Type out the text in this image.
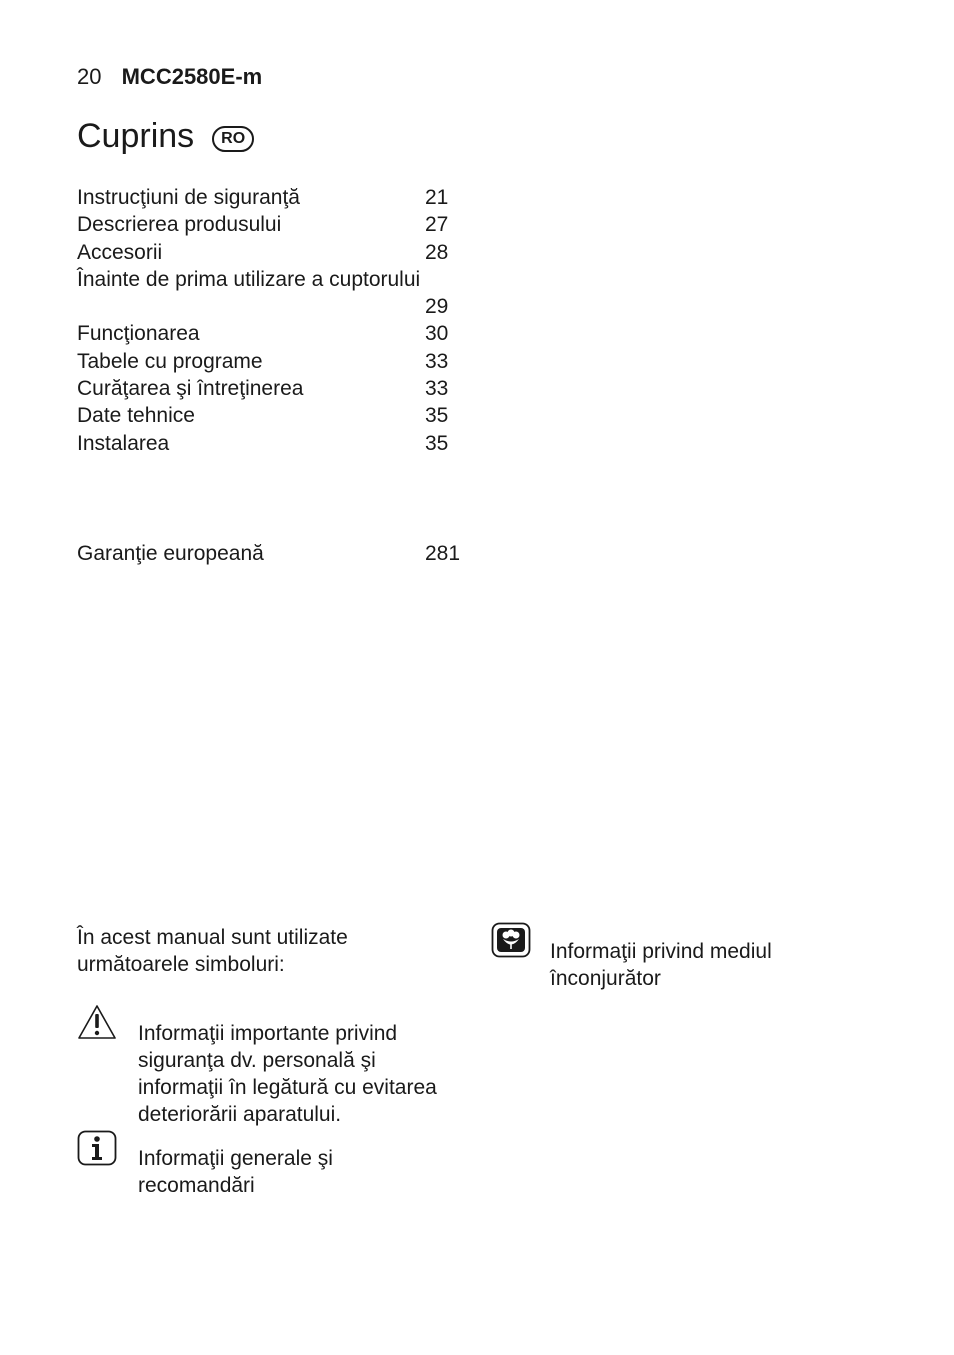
20 MCC2580E-m
Cuprins	RO
Instrucţiuni de siguranţă	21
Descrierea produsului	27
Accesorii	28
Înainte de prima utilizare a cuptorului
29
Funcţionarea	30
Tabele cu programe	33
Curăţarea şi întreţinerea	33
Date tehnice	35
Instalarea	35
Garanţie europeană	281
În acest manual sunt utilizate
următoarele simboluri:
Informaţii importante privind
siguranţa dv. personală şi
informaţii în legătură cu evitarea
deteriorării aparatului.
Informaţii generale şi
recomandări
Informaţii privind mediul
înconjurător
